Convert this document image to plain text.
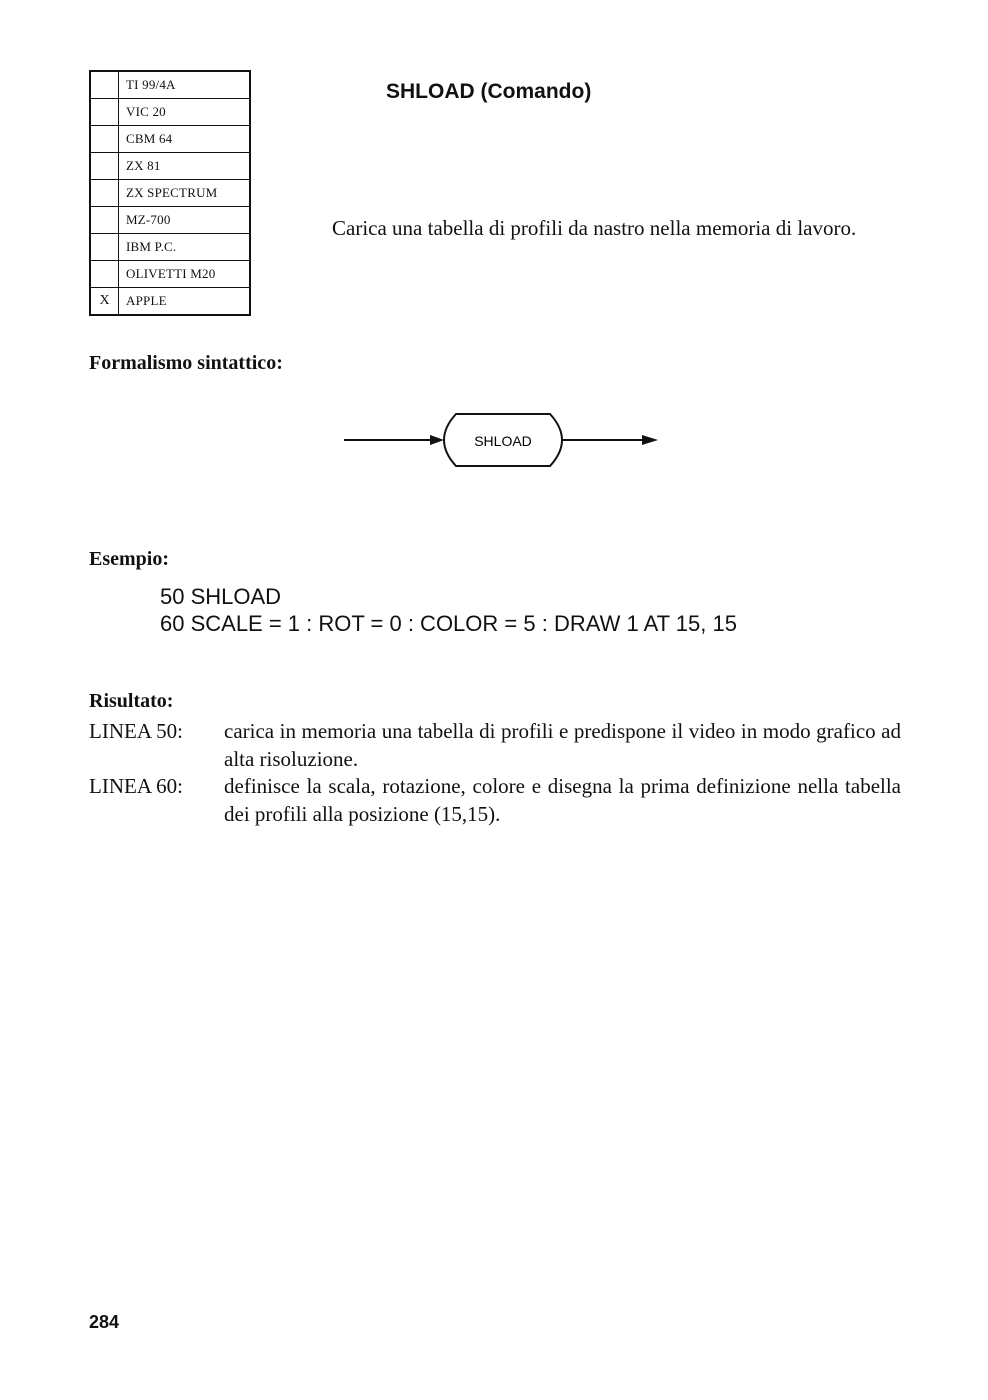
	TI 99/4A
	VIC 20
	CBM 64
	ZX 81
	ZX SPECTRUM
	MZ-700
	IBM P.C.
	OLIVETTI M20
X	APPLE
SHLOAD (Comando)

Carica una tabella di profili da nastro nella memoria di lavoro.

Formalismo sintattico:

SHLOAD

Esempio:

50 SHLOAD
60 SCALE = 1 : ROT = 0 : COLOR = 5 : DRAW 1 AT 15, 15

Risultato:

LINEA 50: carica in memoria una tabella di profili e predispone il video in modo grafico ad alta risoluzione.
LINEA 60: definisce la scala, rotazione, colore e disegna la prima definizione nella tabella dei profili alla posizione (15,15).
284
